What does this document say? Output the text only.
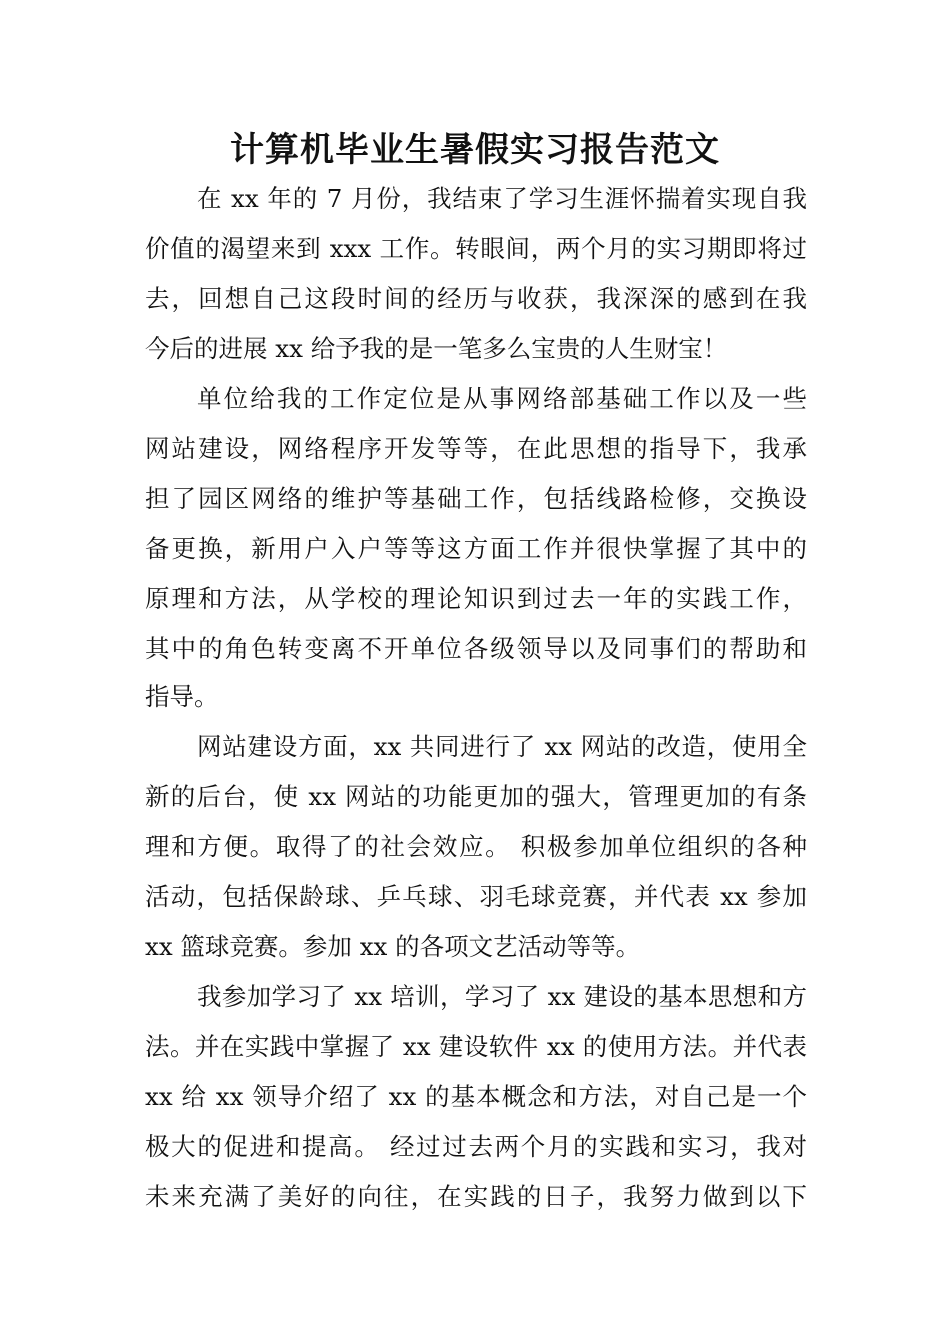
计算机毕业生暑假实习报告范文
在 xx 年的 7 月份，我结束了学习生涯怀揣着实现自我
价值的渴望来到 xxx 工作。转眼间，两个月的实习期即将过
去，回想自己这段时间的经历与收获，我深深的感到在我
今后的进展 xx 给予我的是一笔多么宝贵的人生财宝！
单位给我的工作定位是从事网络部基础工作以及一些
网站建设，网络程序开发等等，在此思想的指导下，我承
担了园区网络的维护等基础工作，包括线路检修，交换设
备更换，新用户入户等等这方面工作并很快掌握了其中的
原理和方法，从学校的理论知识到过去一年的实践工作，
其中的角色转变离不开单位各级领导以及同事们的帮助和
指导。
网站建设方面，xx 共同进行了 xx 网站的改造，使用全
新的后台，使 xx 网站的功能更加的强大，管理更加的有条
理和方便。取得了的社会效应。 积极参加单位组织的各种
活动，包括保龄球、乒乓球、羽毛球竞赛，并代表 xx 参加
xx 篮球竞赛。参加 xx 的各项文艺活动等等。
我参加学习了 xx 培训，学习了 xx 建设的基本思想和方
法。并在实践中掌握了 xx 建设软件 xx 的使用方法。并代表
xx 给 xx 领导介绍了 xx 的基本概念和方法，对自己是一个
极大的促进和提高。 经过过去两个月的实践和实习，我对
未来充满了美好的向往，在实践的日子，我努力做到以下
